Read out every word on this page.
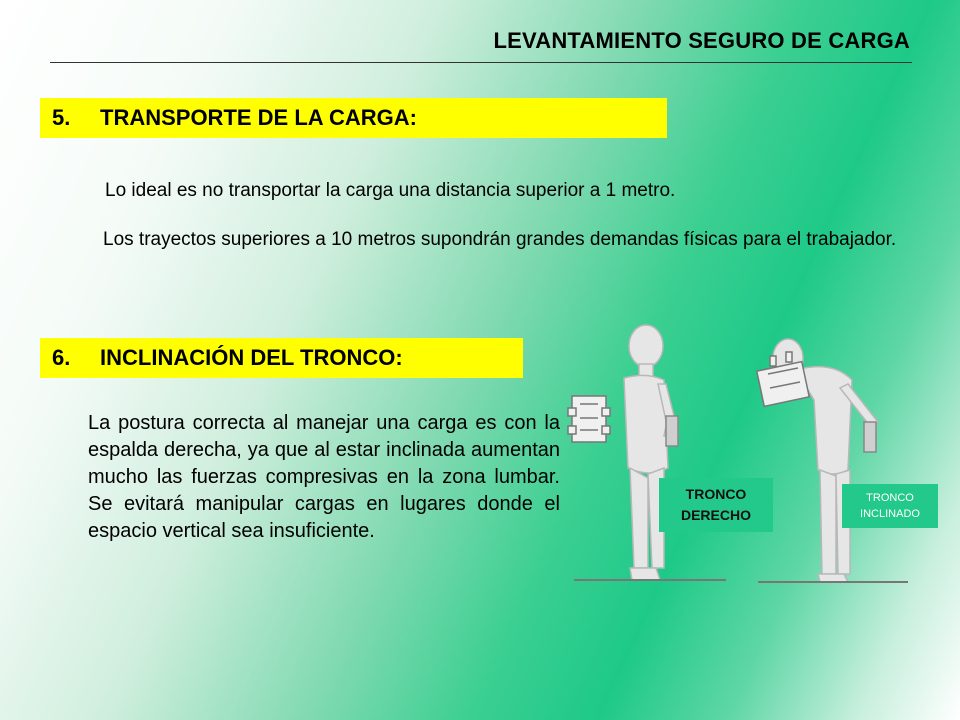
LEVANTAMIENTO SEGURO DE CARGA
5.	TRANSPORTE DE LA CARGA:
Lo ideal es no transportar la carga una distancia superior a 1 metro.
Los trayectos superiores a 10 metros supondrán grandes demandas físicas para el trabajador.
6.	INCLINACIÓN DEL TRONCO:
La postura correcta al manejar una carga es con la espalda derecha, ya que al estar inclinada aumentan mucho las fuerzas compresivas en la zona lumbar. Se evitará manipular cargas en lugares donde el espacio vertical sea insuficiente.
TRONCO
DERECHO
TRONCO
INCLINADO
